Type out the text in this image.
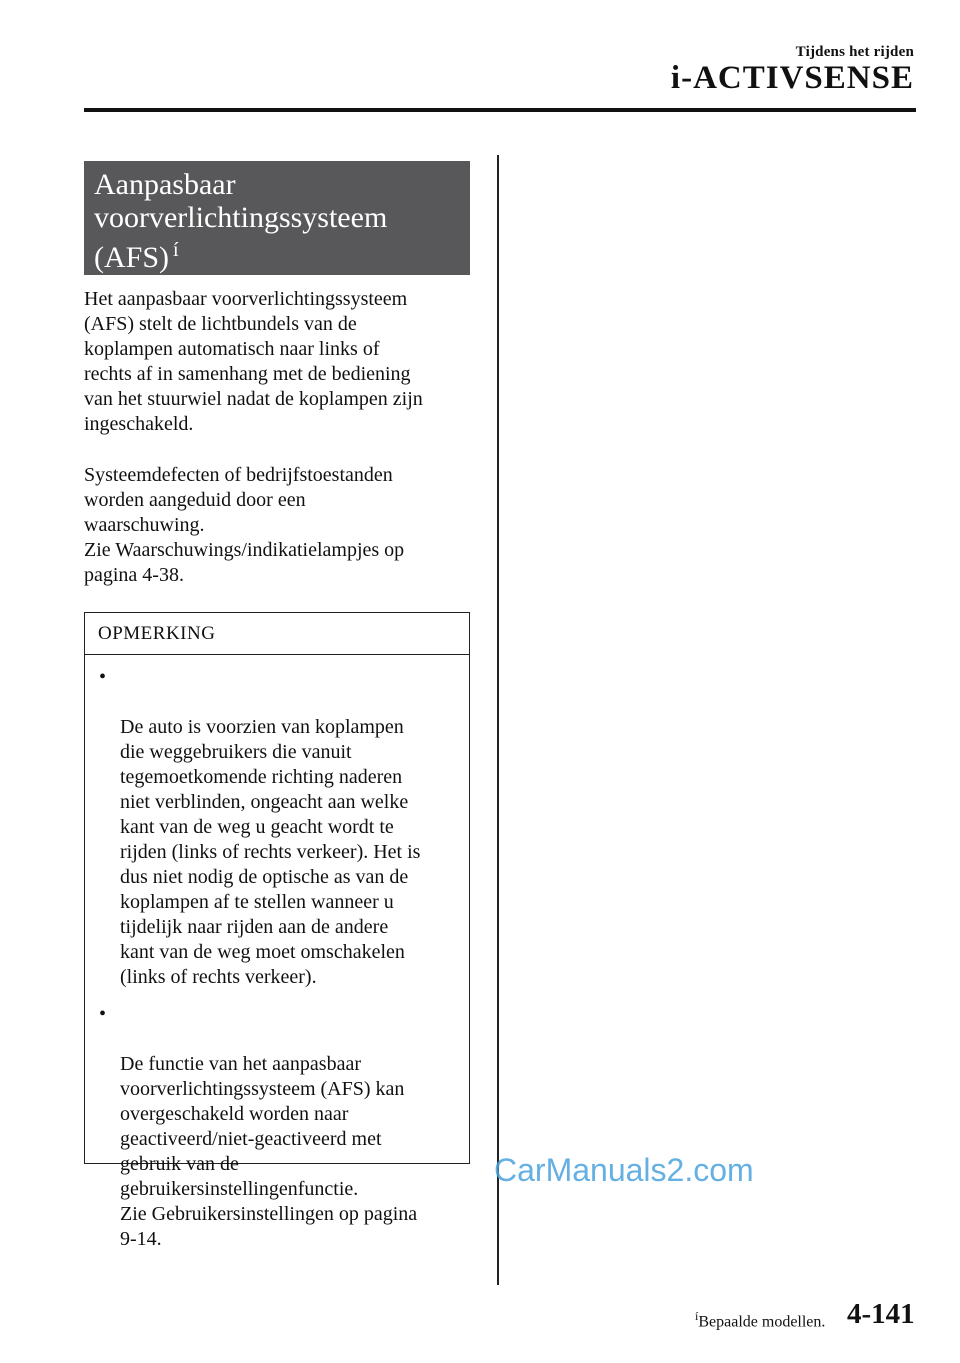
Tijdens het rijden
i-ACTIVSENSE
Aanpasbaar
voorverlichtingssysteem
(AFS) $^í$

Het aanpasbaar voorverlichtingssysteem
(AFS) stelt de lichtbundels van de
koplampen automatisch naar links of
rechts af in samenhang met de bediening
van het stuurwiel nadat de koplampen zijn
ingeschakeld.

Systeemdefecten of bedrijfstoestanden
worden aangeduid door een
waarschuwing.
Zie Waarschuwings/indikatielampjes op
pagina 4-38.

OPMERKING

•

De auto is voorzien van koplampen
die weggebruikers die vanuit
tegemoetkomende richting naderen
niet verblinden, ongeacht aan welke
kant van de weg u geacht wordt te
rijden (links of rechts verkeer). Het is
dus niet nodig de optische as van de
koplampen af te stellen wanneer u
tijdelijk naar rijden aan de andere
kant van de weg moet omschakelen
(links of rechts verkeer).

•

De functie van het aanpasbaar
voorverlichtingssysteem (AFS) kan
overgeschakeld worden naar
geactiveerd/niet-geactiveerd met
gebruik van de
gebruikersinstellingenfunctie.
Zie Gebruikersinstellingen op pagina
9-14.

CarManuals2.com
$^í$Bepaalde modellen. 4-141
